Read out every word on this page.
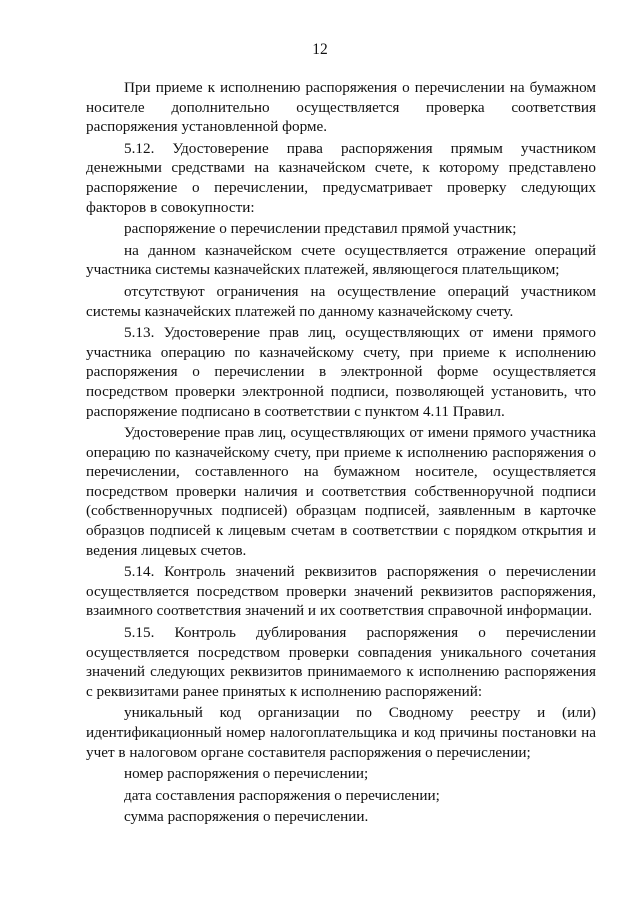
12

При приеме к исполнению распоряжения о перечислении на бумажном носителе дополнительно осуществляется проверка соответствия распоряжения установленной форме.

5.12. Удостоверение права распоряжения прямым участником денежными средствами на казначейском счете, к которому представлено распоряжение о перечислении, предусматривает проверку следующих факторов в совокупности:

распоряжение о перечислении представил прямой участник;

на данном казначейском счете осуществляется отражение операций участника системы казначейских платежей, являющегося плательщиком;

отсутствуют ограничения на осуществление операций участником системы казначейских платежей по данному казначейскому счету.

5.13. Удостоверение прав лиц, осуществляющих от имени прямого участника операцию по казначейскому счету, при приеме к исполнению распоряжения о перечислении в электронной форме осуществляется посредством проверки электронной подписи, позволяющей установить, что распоряжение подписано в соответствии с пунктом 4.11 Правил.

Удостоверение прав лиц, осуществляющих от имени прямого участника операцию по казначейскому счету, при приеме к исполнению распоряжения о перечислении, составленного на бумажном носителе, осуществляется посредством проверки наличия и соответствия собственноручной подписи (собственноручных подписей) образцам подписей, заявленным в карточке образцов подписей к лицевым счетам в соответствии с порядком открытия и ведения лицевых счетов.

5.14. Контроль значений реквизитов распоряжения о перечислении осуществляется посредством проверки значений реквизитов распоряжения, взаимного соответствия значений и их соответствия справочной информации.

5.15. Контроль дублирования распоряжения о перечислении осуществляется посредством проверки совпадения уникального сочетания значений следующих реквизитов принимаемого к исполнению распоряжения с реквизитами ранее принятых к исполнению распоряжений:

уникальный код организации по Сводному реестру и (или) идентификационный номер налогоплательщика и код причины постановки на учет в налоговом органе составителя распоряжения о перечислении;

номер распоряжения о перечислении;

дата составления распоряжения о перечислении;

сумма распоряжения о перечислении.
